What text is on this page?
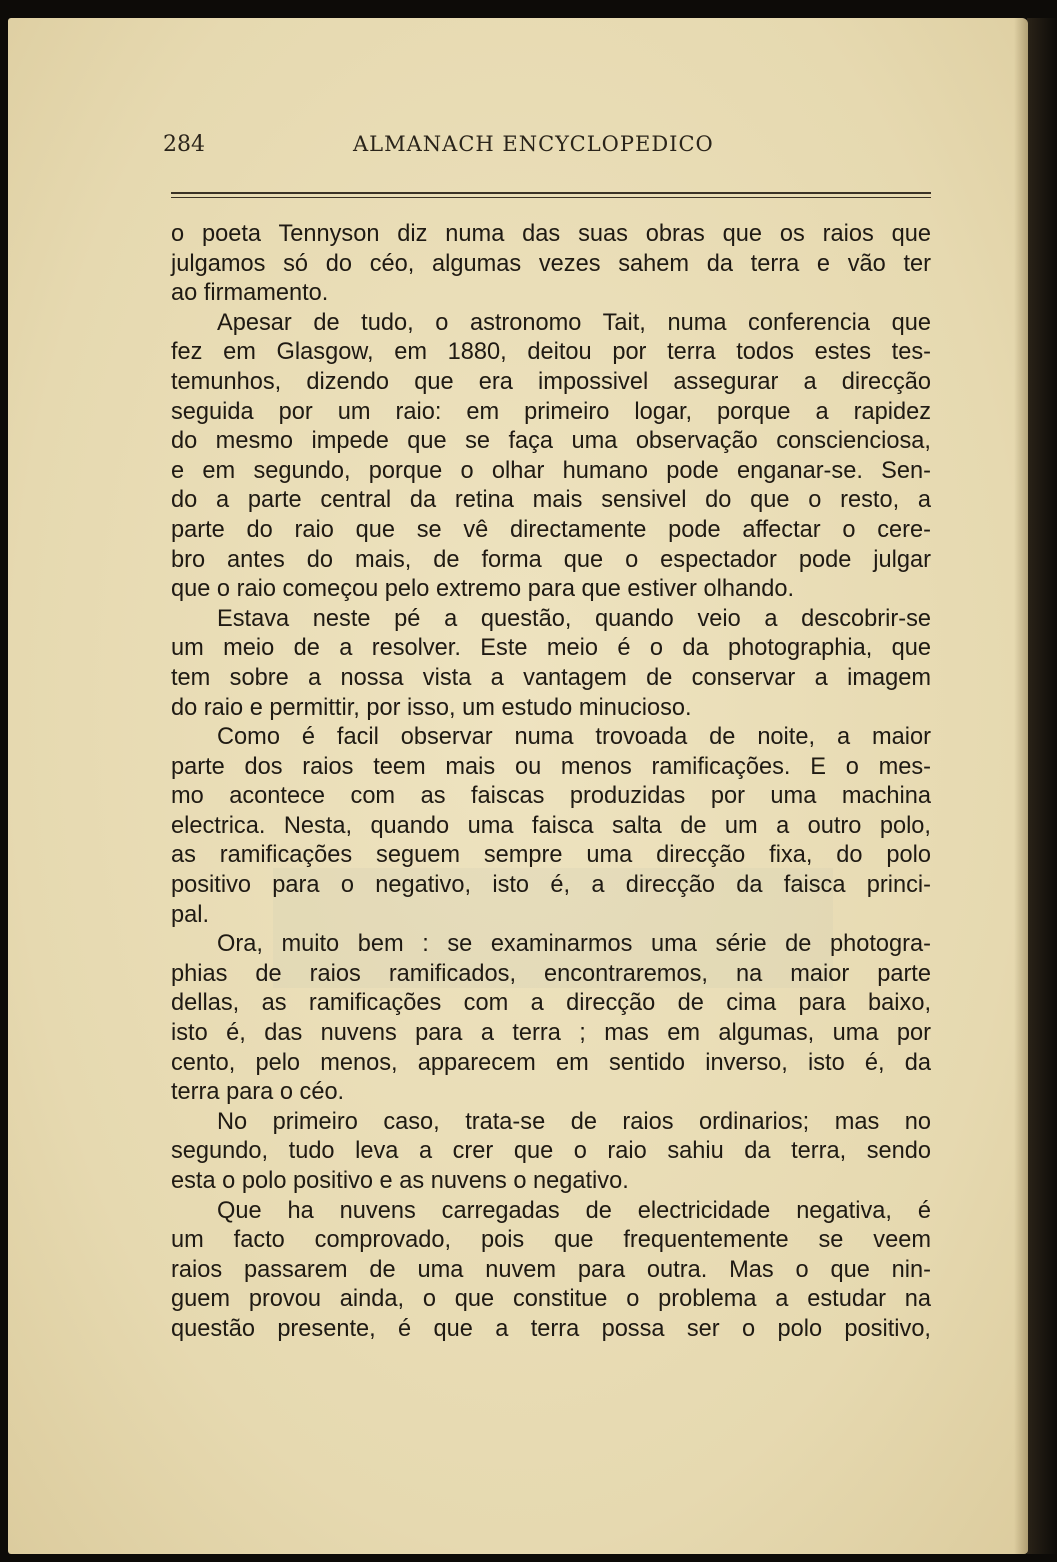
284	ALMANACH ENCYCLOPEDICO
o poeta Tennyson diz numa das suas obras que os raios que
julgamos só do céo, algumas vezes sahem da terra e vão ter
ao firmamento.
Apesar de tudo, o astronomo Tait, numa conferencia que
fez em Glasgow, em 1880, deitou por terra todos estes tes-
temunhos, dizendo que era impossivel assegurar a direcção
seguida por um raio: em primeiro logar, porque a rapidez
do mesmo impede que se faça uma observação conscienciosa,
e em segundo, porque o olhar humano pode enganar-se. Sen-
do a parte central da retina mais sensivel do que o resto, a
parte do raio que se vê directamente pode affectar o cere-
bro antes do mais, de forma que o espectador pode julgar
que o raio começou pelo extremo para que estiver olhando.
Estava neste pé a questão, quando veio a descobrir-se
um meio de a resolver. Este meio é o da photographia, que
tem sobre a nossa vista a vantagem de conservar a imagem
do raio e permittir, por isso, um estudo minucioso.
Como é facil observar numa trovoada de noite, a maior
parte dos raios teem mais ou menos ramificações. E o mes-
mo acontece com as faiscas produzidas por uma machina
electrica. Nesta, quando uma faisca salta de um a outro polo,
as ramificações seguem sempre uma direcção fixa, do polo
positivo para o negativo, isto é, a direcção da faisca princi-
pal.
Ora, muito bem : se examinarmos uma série de photogra-
phias de raios ramificados, encontraremos, na maior parte
dellas, as ramificações com a direcção de cima para baixo,
isto é, das nuvens para a terra ; mas em algumas, uma por
cento, pelo menos, apparecem em sentido inverso, isto é, da
terra para o céo.
No primeiro caso, trata-se de raios ordinarios; mas no
segundo, tudo leva a crer que o raio sahiu da terra, sendo
esta o polo positivo e as nuvens o negativo.
Que ha nuvens carregadas de electricidade negativa, é
um facto comprovado, pois que frequentemente se veem
raios passarem de uma nuvem para outra. Mas o que nin-
guem provou ainda, o que constitue o problema a estudar na
questão presente, é que a terra possa ser o polo positivo,
